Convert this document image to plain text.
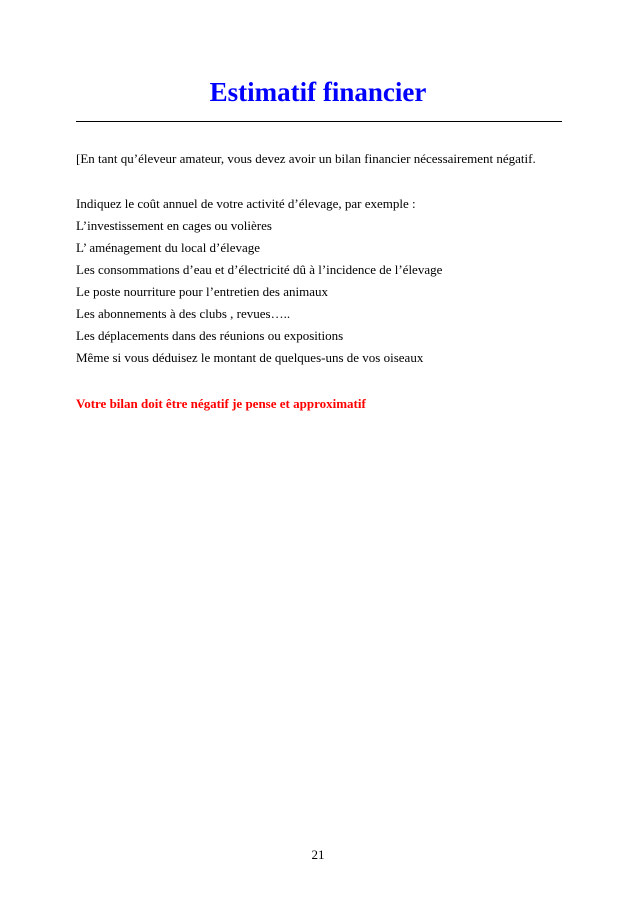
Estimatif financier

[En tant qu’éleveur amateur, vous devez avoir un bilan financier nécessairement négatif.

Indiquez le coût annuel de votre activité d’élevage, par exemple :

L’investissement en cages ou volières

L’ aménagement du local d’élevage

Les consommations d’eau et d’électricité dû à l’incidence de l’élevage

Le poste nourriture pour l’entretien des animaux

Les abonnements à des clubs , revues…..

Les déplacements dans des réunions ou expositions

Même si vous déduisez le montant de quelques-uns de vos oiseaux

Votre bilan doit être négatif je pense et approximatif

21
